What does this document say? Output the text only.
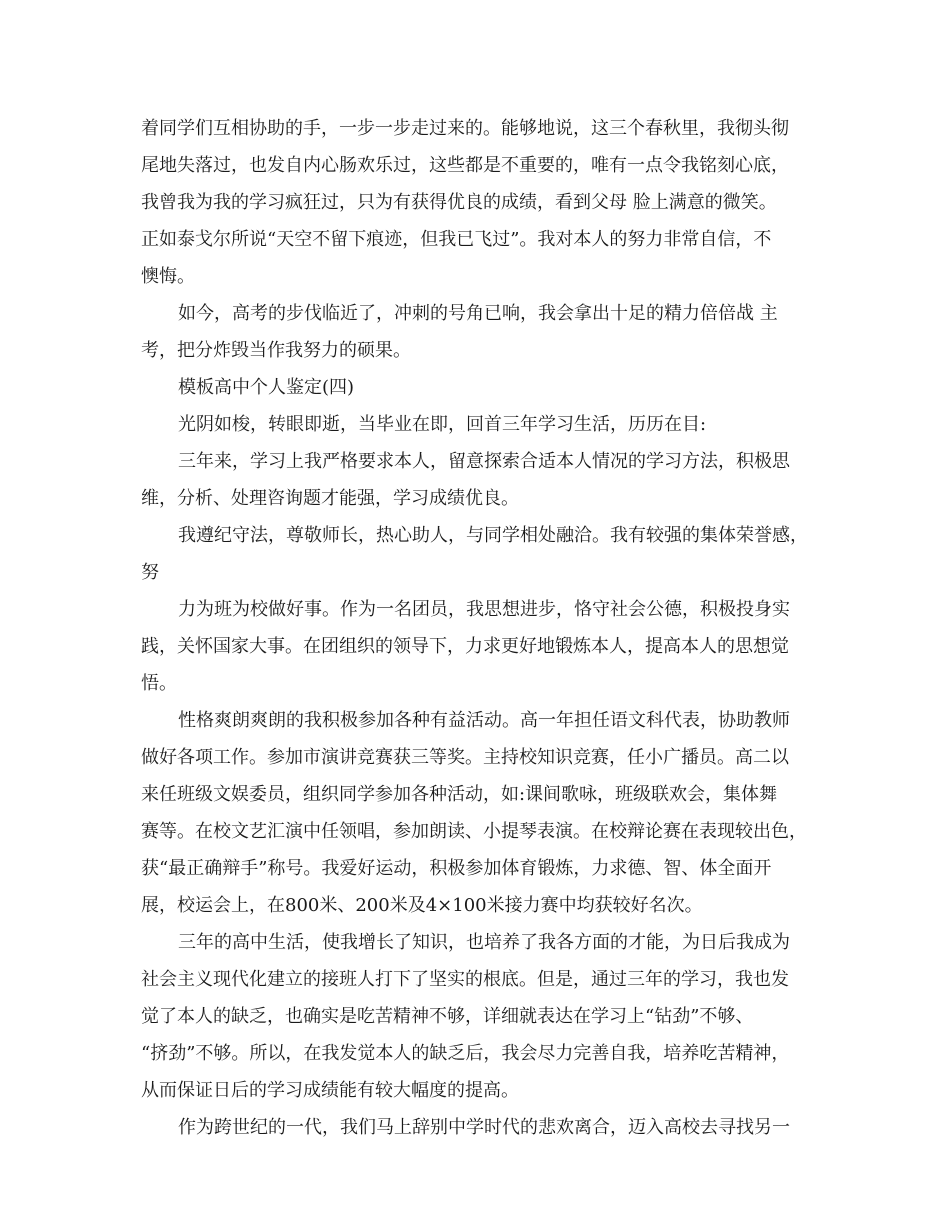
着同学们互相协助的手，一步一步走过来的。能够地说，这三个春秋里，我彻头彻
尾地失落过，也发自内心肠欢乐过，这些都是不重要的，唯有一点令我铭刻心底，
我曾我为我的学习疯狂过，只为有获得优良的成绩，看到父母 脸上满意的微笑。
正如泰戈尔所说“天空不留下痕迹，但我已飞过”。我对本人的努力非常自信，不
懊悔。
如今，高考的步伐临近了，冲刺的号角已响，我会拿出十足的精力倍倍战 主
考，把分炸毁当作我努力的硕果。
模板高中个人鉴定(四)
光阴如梭，转眼即逝，当毕业在即，回首三年学习生活，历历在目:
三年来，学习上我严格要求本人，留意探索合适本人情况的学习方法，积极思
维，分析、处理咨询题才能强，学习成绩优良。
我遵纪守法，尊敬师长，热心助人，与同学相处融洽。我有较强的集体荣誉感，
努
力为班为校做好事。作为一名团员，我思想进步，恪守社会公德，积极投身实
践，关怀国家大事。在团组织的领导下，力求更好地锻炼本人，提高本人的思想觉
悟。
性格爽朗爽朗的我积极参加各种有益活动。高一年担任语文科代表，协助教师
做好各项工作。参加市演讲竞赛获三等奖。主持校知识竞赛，任小广播员。高二以
来任班级文娱委员，组织同学参加各种活动，如:课间歌咏，班级联欢会，集体舞
赛等。在校文艺汇演中任领唱，参加朗读、小提琴表演。在校辩论赛在表现较出色，
获“最正确辩手”称号。我爱好运动，积极参加体育锻炼，力求德、智、体全面开
展，校运会上，在800米、200米及4×100米接力赛中均获较好名次。
三年的高中生活，使我增长了知识，也培养了我各方面的才能，为日后我成为
社会主义现代化建立的接班人打下了坚实的根底。但是，通过三年的学习，我也发
觉了本人的缺乏，也确实是吃苦精神不够，详细就表达在学习上“钻劲”不够、
“挤劲”不够。所以，在我发觉本人的缺乏后，我会尽力完善自我，培养吃苦精神，
从而保证日后的学习成绩能有较大幅度的提高。
作为跨世纪的一代，我们马上辞别中学时代的悲欢离合，迈入高校去寻找另一
